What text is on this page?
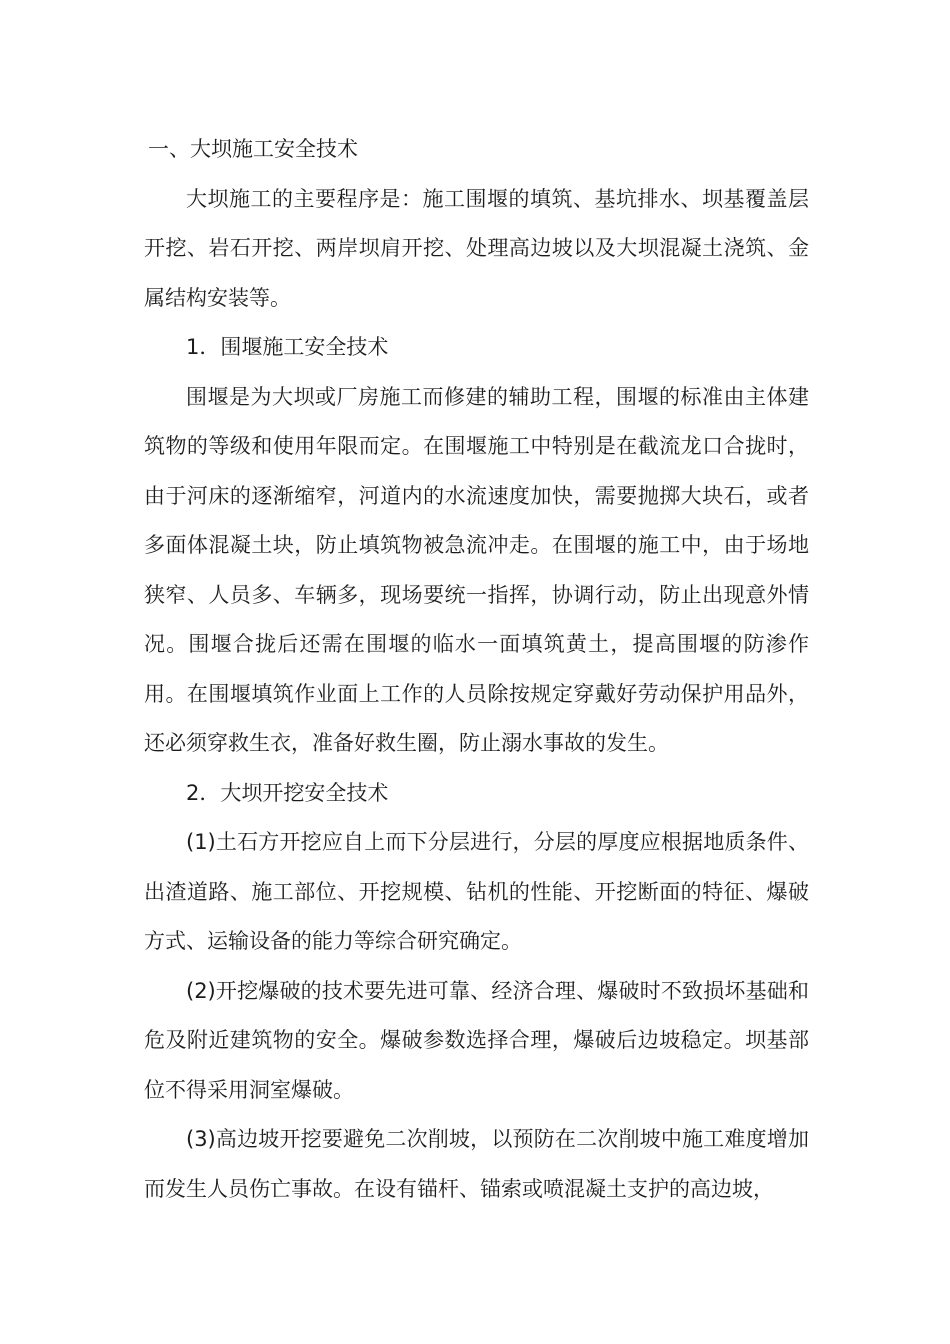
一、大坝施工安全技术

大坝施工的主要程序是：施工围堰的填筑、基坑排水、坝基覆盖层开挖、岩石开挖、两岸坝肩开挖、处理高边坡以及大坝混凝土浇筑、金属结构安装等。

1．围堰施工安全技术

围堰是为大坝或厂房施工而修建的辅助工程，围堰的标准由主体建筑物的等级和使用年限而定。在围堰施工中特别是在截流龙口合拢时，由于河床的逐渐缩窄，河道内的水流速度加快，需要抛掷大块石，或者多面体混凝土块，防止填筑物被急流冲走。在围堰的施工中，由于场地狭窄、人员多、车辆多，现场要统一指挥，协调行动，防止出现意外情况。围堰合拢后还需在围堰的临水一面填筑黄土，提高围堰的防渗作用。在围堰填筑作业面上工作的人员除按规定穿戴好劳动保护用品外，还必须穿救生衣，准备好救生圈，防止溺水事故的发生。

2．大坝开挖安全技术

(1)土石方开挖应自上而下分层进行，分层的厚度应根据地质条件、出渣道路、施工部位、开挖规模、钻机的性能、开挖断面的特征、爆破方式、运输设备的能力等综合研究确定。

(2)开挖爆破的技术要先进可靠、经济合理、爆破时不致损坏基础和危及附近建筑物的安全。爆破参数选择合理，爆破后边坡稳定。坝基部位不得采用洞室爆破。

(3)高边坡开挖要避免二次削坡，以预防在二次削坡中施工难度增加而发生人员伤亡事故。在设有锚杆、锚索或喷混凝土支护的高边坡，
